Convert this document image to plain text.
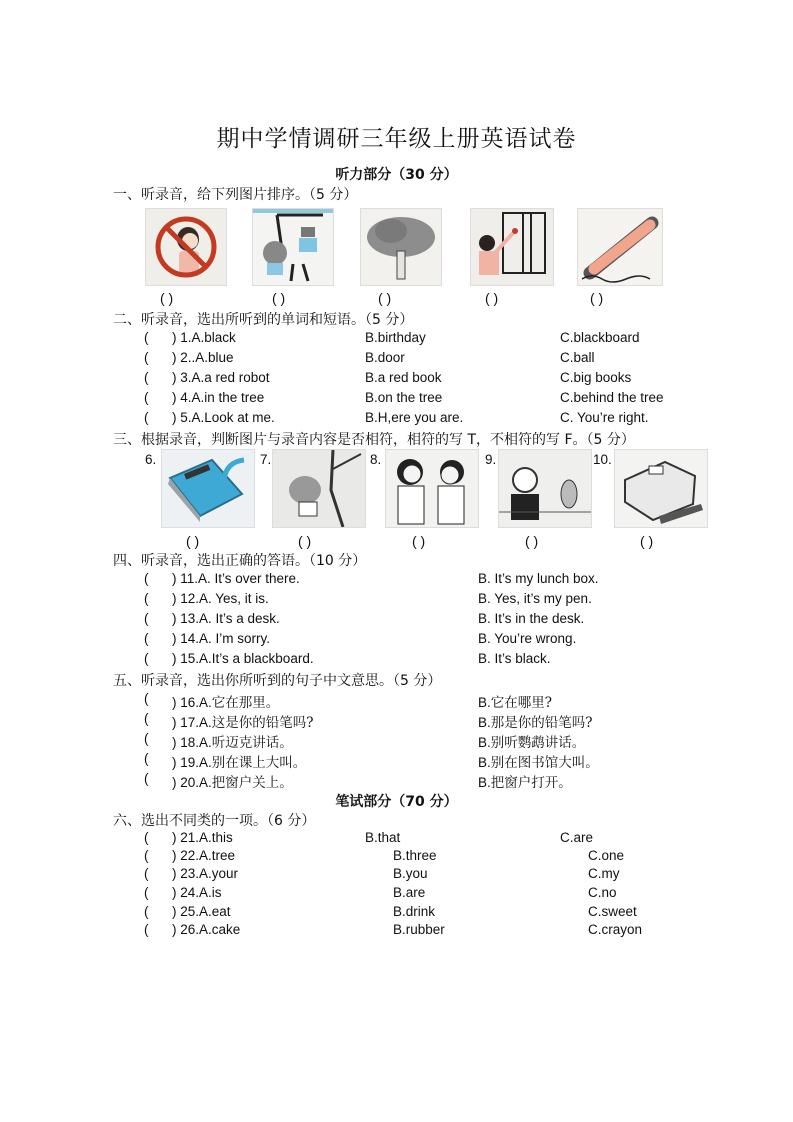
期中学情调研三年级上册英语试卷
听力部分（30 分）
一、听录音，给下列图片排序。（5 分）
( )	( )	( )	( )	( )
二、听录音，选出所听到的单词和短语。（5 分）
( ) 1.A.black	B.birthday	C.blackboard
( ) 2..A.blue	B.door	C.ball
( ) 3.A.a red robot	B.a red book	C.big books
( ) 4.A.in the tree	B.on the tree	C.behind the tree
( ) 5.A.Look at me.	B.H,ere you are.	C. You’re right.
三、根据录音，判断图片与录音内容是否相符，相符的写 T，不相符的写 F。（5 分）
6.	7.	8.	9.	10.
( )	( )	( )	( )	( )
四、听录音，选出正确的答语。（10 分）
( ) 11.A. It’s over there.	B. It’s my lunch box.
( ) 12.A. Yes, it is.	B. Yes, it’s my pen.
( ) 13.A. It’s a desk.	B. It’s in the desk.
( ) 14.A. I’m sorry.	B. You’re wrong.
( ) 15.A.It’s a blackboard.	B. It’s black.
五、听录音，选出你所听到的句子中文意思。（5 分）
( ) 16.A.它在那里。	B.它在哪里?
( ) 17.A.这是你的铅笔吗?	B.那是你的铅笔吗?
( ) 18.A.听迈克讲话。	B.别听鹦鹉讲话。
( ) 19.A.别在课上大叫。	B.别在图书馆大叫。
( ) 20.A.把窗户关上。	B.把窗户打开。
笔试部分（70 分）
六、选出不同类的一项。（6 分）
( ) 21.A.this	B.that	C.are
( ) 22.A.tree	B.three	C.one
( ) 23.A.your	B.you	C.my
( ) 24.A.is	B.are	C.no
( ) 25.A.eat	B.drink	C.sweet
( ) 26.A.cake	B.rubber	C.crayon
